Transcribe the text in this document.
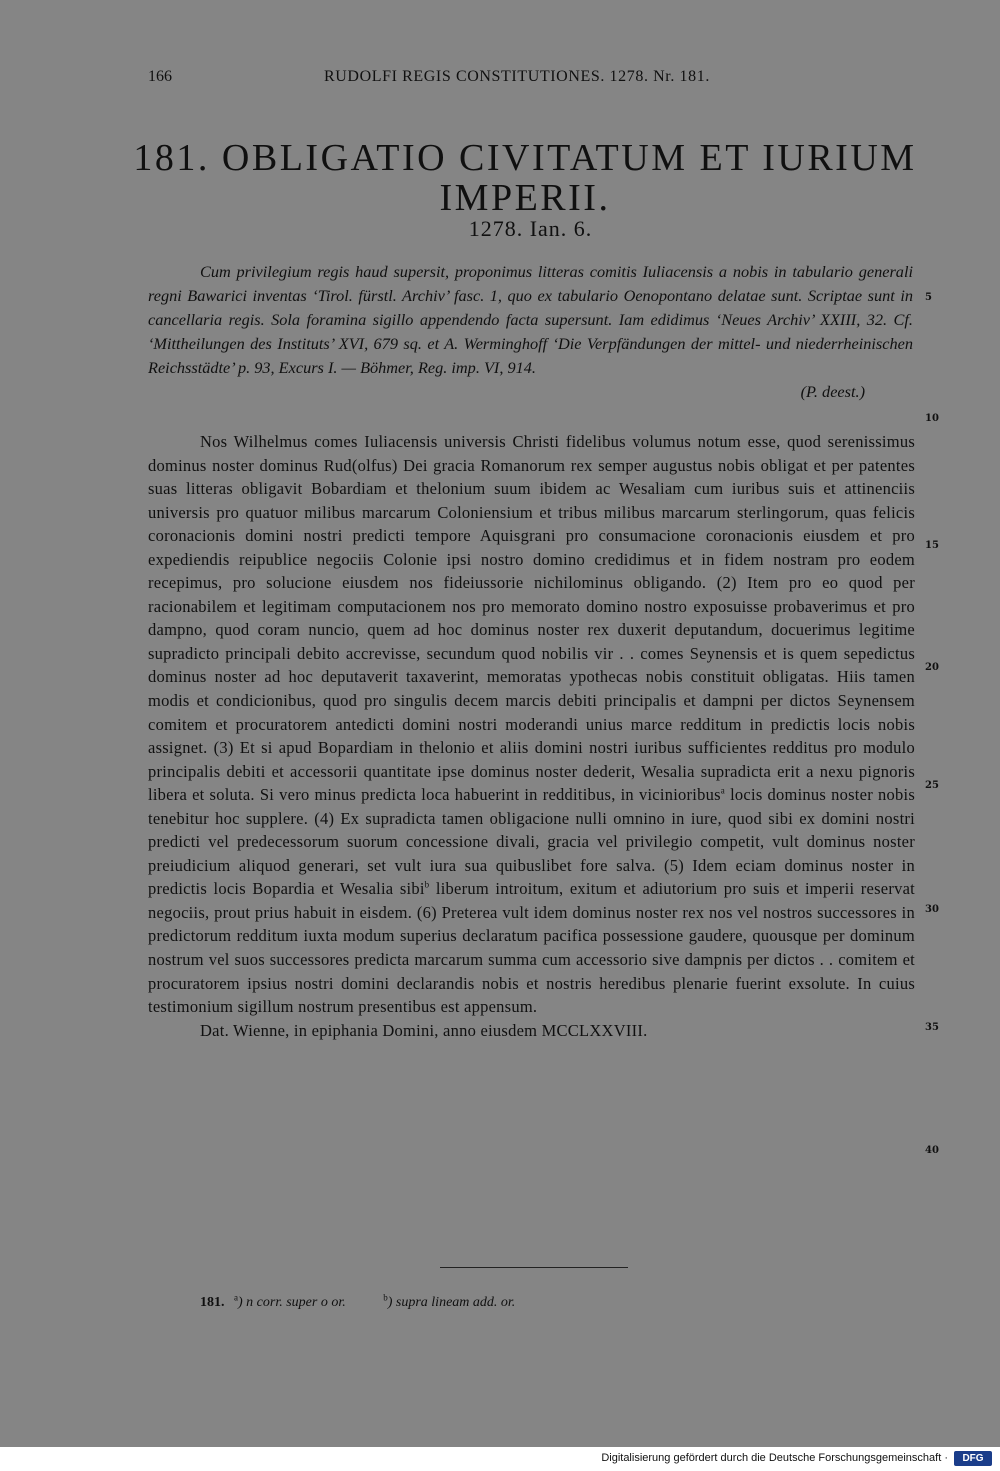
166	RUDOLFI REGIS CONSTITUTIONES. 1278. Nr. 181.
181. OBLIGATIO CIVITATUM ET IURIUM IMPERII.
1278. Ian. 6.

Cum privilegium regis haud supersit, proponimus litteras comitis Iuliacensis a nobis in tabulario generali regni Bawarici inventas ‘Tirol. fürstl. Archiv’ fasc. 1, quo ex tabulario Oenopontano delatae sunt. Scriptae sunt in cancellaria regis. Sola foramina sigillo appendendo facta supersunt. Iam edidimus ‘Neues Archiv’ XXIII, 32. Cf. ‘Mittheilungen des Instituts’ XVI, 679 sq. et A. Werminghoff ‘Die Verpfändungen der mittel- und niederrheinischen Reichsstädte’ p. 93, Excurs I. — Böhmer, Reg. imp. VI, 914.

(P. deest.)

Nos Wilhelmus comes Iuliacensis universis Christi fidelibus volumus notum esse, quod serenissimus dominus noster dominus Rud(olfus) Dei gracia Romanorum rex semper augustus nobis obligat et per patentes suas litteras obligavit Bobardiam et thelonium suum ibidem ac Wesaliam cum iuribus suis et attinenciis universis pro quatuor milibus marcarum Coloniensium et tribus milibus marcarum sterlingorum, quas felicis coronacionis domini nostri predicti tempore Aquisgrani pro consumacione coronacionis eiusdem et pro expediendis reipublice negociis Colonie ipsi nostro domino credidimus et in fidem nostram pro eodem recepimus, pro solucione eiusdem nos fideiussorie nichilominus obligando. (2) Item pro eo quod per racionabilem et legitimam computacionem nos pro memorato domino nostro exposuisse probaverimus et pro dampno, quod coram nuncio, quem ad hoc dominus noster rex duxerit deputandum, docuerimus legitime supradicto principali debito accrevisse, secundum quod nobilis vir . . comes Seynensis et is quem sepedictus dominus noster ad hoc deputaverit taxaverint, memoratas ypothecas nobis constituit obligatas. Hiis tamen modis et condicionibus, quod pro singulis decem marcis debiti principalis et dampni per dictos Seynensem comitem et procuratorem antedicti domini nostri moderandi unius marce redditum in predictis locis nobis assignet. (3) Et si apud Bopardiam in thelonio et aliis domini nostri iuribus sufficientes redditus pro modulo principalis debiti et accessorii quantitate ipse dominus noster dederit, Wesalia supradicta erit a nexu pignoris libera et soluta. Si vero minus predicta loca habuerint in redditibus, in vicinioribus$^a$ locis dominus noster nobis tenebitur hoc supplere. (4) Ex supradicta tamen obligacione nulli omnino in iure, quod sibi ex domini nostri predicti vel predecessorum suorum concessione divali, gracia vel privilegio competit, vult dominus noster preiudicium aliquod generari, set vult iura sua quibuslibet fore salva. (5) Idem eciam dominus noster in predictis locis Bopardia et Wesalia sibi$^b$ liberum introitum, exitum et adiutorium pro suis et imperii reservat negociis, prout prius habuit in eisdem. (6) Preterea vult idem dominus noster rex nos vel nostros successores in predictorum redditum iuxta modum superius declaratum pacifica possessione gaudere, quousque per dominum nostrum vel suos successores predicta marcarum summa cum accessorio sive dampnis per dictos . . comitem et procuratorem ipsius nostri domini declarandis nobis et nostris heredibus plenarie fuerint exsolute. In cuius testimonium sigillum nostrum presentibus est appensum.

Dat. Wienne, in epiphania Domini, anno eiusdem MCCLXXVIII.

5
10
15
20
25
30
35
40
181. $^a$) n corr. super o or.	$^b$) supra lineam add. or.
Digitalisierung gefördert durch die Deutsche Forschungsgemeinschaft ·	DFG
